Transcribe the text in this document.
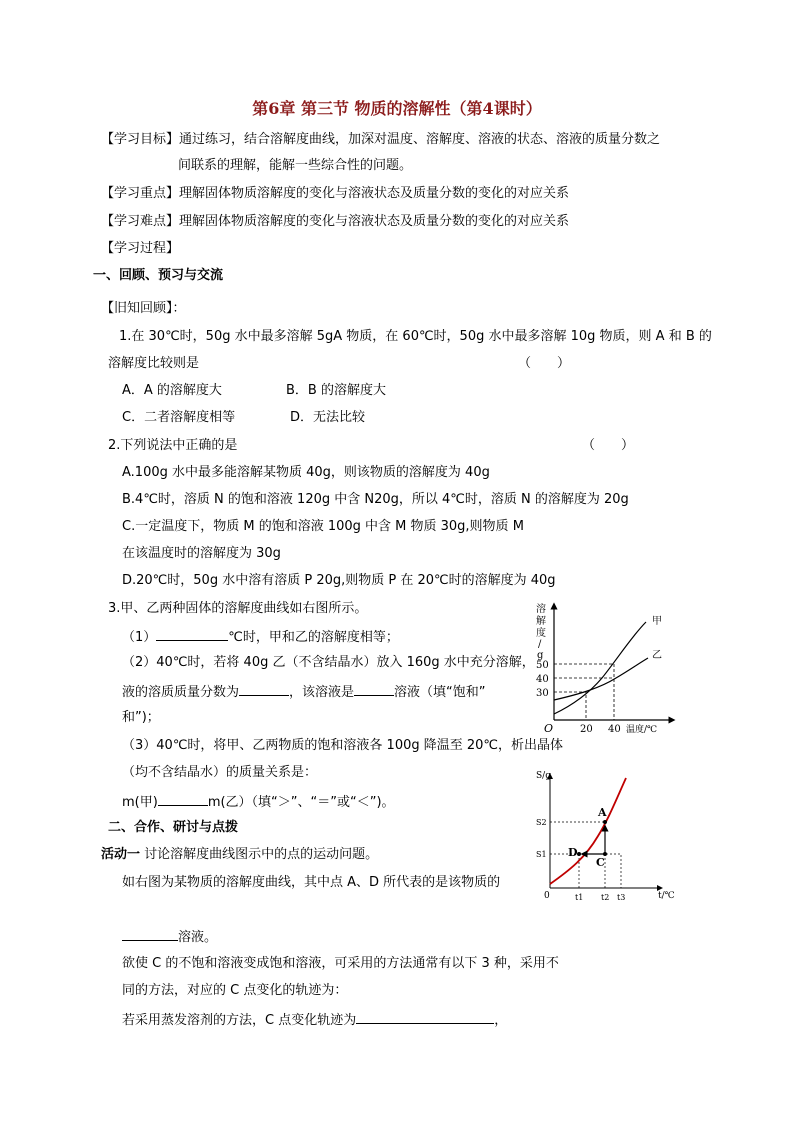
第6章 第三节 物质的溶解性（第4课时）
【学习目标】通过练习，结合溶解度曲线，加深对温度、溶解度、溶液的状态、溶液的质量分数之
间联系的理解，能解一些综合性的问题。
【学习重点】理解固体物质溶解度的变化与溶液状态及质量分数的变化的对应关系
【学习难点】理解固体物质溶解度的变化与溶液状态及质量分数的变化的对应关系
【学习过程】
一、回顾、预习与交流
【旧知回顾】：
1.在 30℃时，50g 水中最多溶解 5gA 物质，在 60℃时，50g 水中最多溶解 10g 物质，则 A 和 B 的
溶解度比较则是	（　　）
A．A 的溶解度大	B．B 的溶解度大
C．二者溶解度相等	D．无法比较
2.下列说法中正确的是	（　　）
A.100g 水中最多能溶解某物质 40g，则该物质的溶解度为 40g
B.4℃时，溶质 N 的饱和溶液 120g 中含 N20g，所以 4℃时，溶质 N 的溶解度为 20g
C.一定温度下，物质 M 的饱和溶液 100g 中含 M 物质 30g,则物质 M
在该温度时的溶解度为 30g
D.20℃时，50g 水中溶有溶质 P 20g,则物质 P 在 20℃时的溶解度为 40g
3.甲、乙两种固体的溶解度曲线如右图所示。
（1）	℃时，甲和乙的溶解度相等；
（2）40℃时，若将 40g 乙（不含结晶水）放入 160g 水中充分溶解，
液的溶质质量分数为	，该溶液是	溶液（填“饱和”
和”)；
（3）40℃时，将甲、乙两物质的饱和溶液各 100g 降温至 20℃，析出晶体
（均不含结晶水）的质量关系是：
m(甲)	m(乙）（填“＞”、“＝”或“＜”)。
二、合作、研讨与点拨
活动一 讨论溶解度曲线图示中的点的运动问题。
如右图为某物质的溶解度曲线，其中点 A、D 所代表的是该物质的
溶液。
欲使 C 的不饱和溶液变成饱和溶液，可采用的方法通常有以下 3 种，采用不
同的方法，对应的 C 点变化的轨迹为：
若采用蒸发溶剂的方法，C 点变化轨迹为	，
溶
解
度
/
g
50
40
30
20 40
O	温度/℃
甲
乙
S/g
t/℃
0
S2
S1
t1 t2 t3
A
D
C
